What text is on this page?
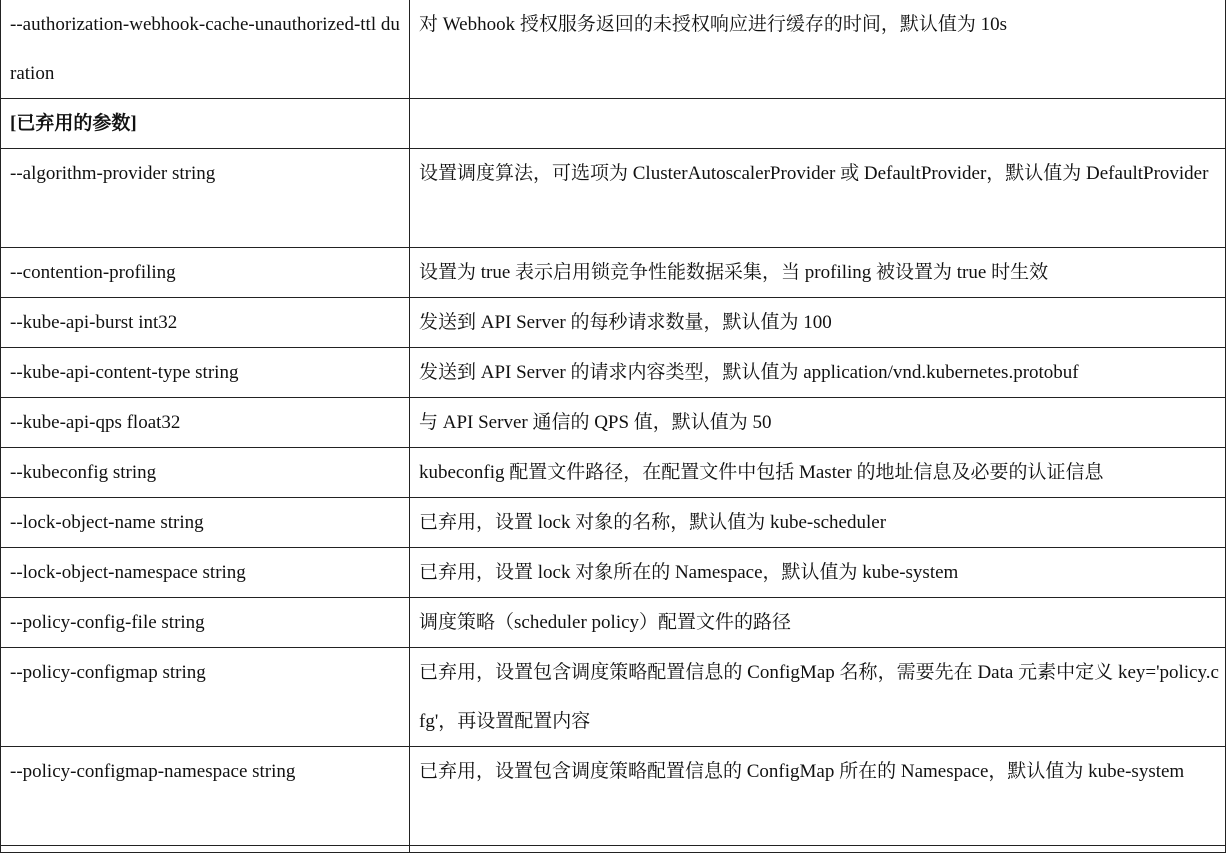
--authorization-webhook-cache-unauthorized-ttl duration	对 Webhook 授权服务返回的未授权响应进行缓存的时间，默认值为 10s
[已弃用的参数]	
--algorithm-provider string	设置调度算法，可选项为 ClusterAutoscalerProvider 或 DefaultProvider，默认值为 DefaultProvider
--contention-profiling	设置为 true 表示启用锁竞争性能数据采集，当 profiling 被设置为 true 时生效
--kube-api-burst int32	发送到 API Server 的每秒请求数量，默认值为 100
--kube-api-content-type string	发送到 API Server 的请求内容类型，默认值为 application/vnd.kubernetes.protobuf
--kube-api-qps float32	与 API Server 通信的 QPS 值，默认值为 50
--kubeconfig string	kubeconfig 配置文件路径，在配置文件中包括 Master 的地址信息及必要的认证信息
--lock-object-name string	已弃用，设置 lock 对象的名称，默认值为 kube-scheduler
--lock-object-namespace string	已弃用，设置 lock 对象所在的 Namespace，默认值为 kube-system
--policy-config-file string	调度策略（scheduler policy）配置文件的路径
--policy-configmap string	已弃用，设置包含调度策略配置信息的 ConfigMap 名称，需要先在 Data 元素中定义 key='policy.cfg'，再设置配置内容
--policy-configmap-namespace string	已弃用，设置包含调度策略配置信息的 ConfigMap 所在的 Namespace，默认值为 kube-system
